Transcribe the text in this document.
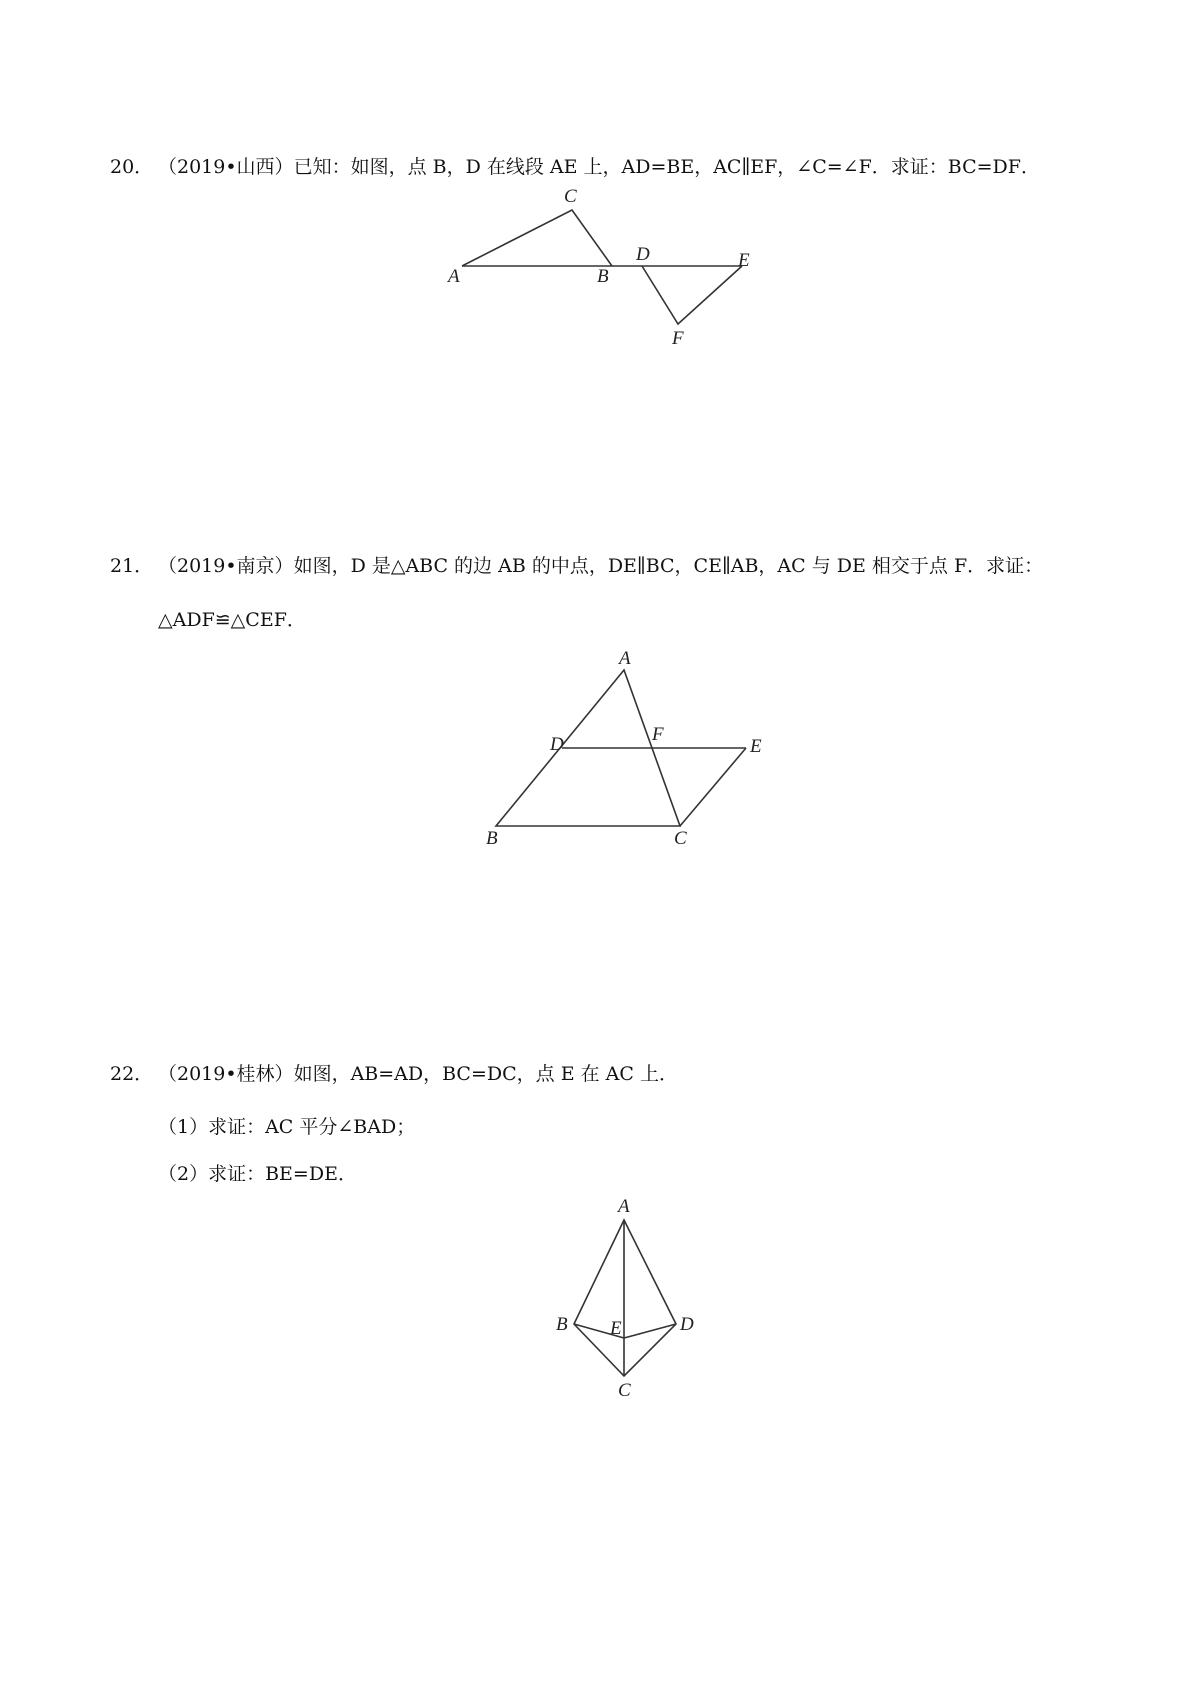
20． （2019•山西）已知：如图，点 B，D 在线段 AE 上，AD=BE，AC∥EF，∠C=∠F．求证：BC=DF．
C
A	B
D	E
F
21． （2019•南京）如图，D 是△ABC 的边 AB 的中点，DE∥BC，CE∥AB，AC 与 DE 相交于点 F．求证：
△ADF≌△CEF．
A
D	F
E
B	C
22． （2019•桂林）如图，AB=AD，BC=DC，点 E 在 AC 上．
（1）求证：AC 平分∠BAD；
（2）求证：BE=DE．
A
B E	D
C
